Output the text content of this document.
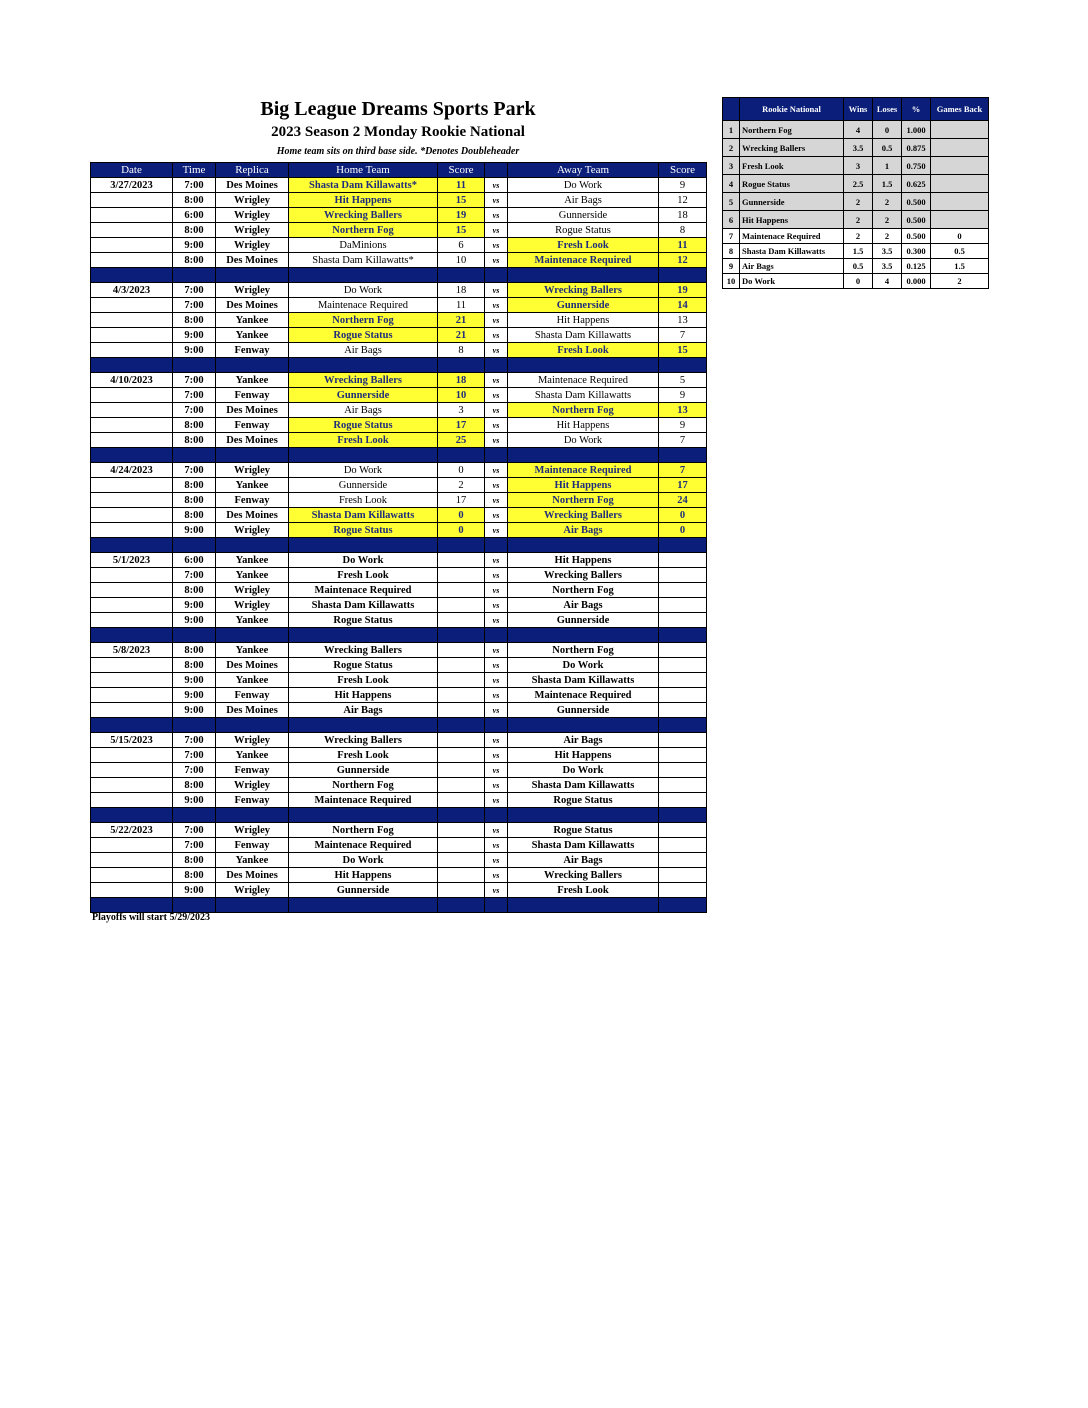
Big League Dreams Sports Park
2023 Season 2 Monday Rookie National
Home team sits on third base side. *Denotes Doubleheader
Date	Time	Replica	Home Team	Score		Away Team	Score
3/27/2023	7:00	Des Moines	Shasta Dam Killawatts*	11	vs	Do Work	9
	8:00	Wrigley	Hit Happens	15	vs	Air Bags	12
	6:00	Wrigley	Wrecking Ballers	19	vs	Gunnerside	18
	8:00	Wrigley	Northern Fog	15	vs	Rogue Status	8
	9:00	Wrigley	DaMinions	6	vs	Fresh Look	11
	8:00	Des Moines	Shasta Dam Killawatts*	10	vs	Maintenace Required	12

4/3/2023	7:00	Wrigley	Do Work	18	vs	Wrecking Ballers	19
	7:00	Des Moines	Maintenace Required	11	vs	Gunnerside	14
	8:00	Yankee	Northern Fog	21	vs	Hit Happens	13
	9:00	Yankee	Rogue Status	21	vs	Shasta Dam Killawatts	7
	9:00	Fenway	Air Bags	8	vs	Fresh Look	15

4/10/2023	7:00	Yankee	Wrecking Ballers	18	vs	Maintenace Required	5
	7:00	Fenway	Gunnerside	10	vs	Shasta Dam Killawatts	9
	7:00	Des Moines	Air Bags	3	vs	Northern Fog	13
	8:00	Fenway	Rogue Status	17	vs	Hit Happens	9
	8:00	Des Moines	Fresh Look	25	vs	Do Work	7

4/24/2023	7:00	Wrigley	Do Work	0	vs	Maintenace Required	7
	8:00	Yankee	Gunnerside	2	vs	Hit Happens	17
	8:00	Fenway	Fresh Look	17	vs	Northern Fog	24
	8:00	Des Moines	Shasta Dam Killawatts	0	vs	Wrecking Ballers	0
	9:00	Wrigley	Rogue Status	0	vs	Air Bags	0

5/1/2023	6:00	Yankee	Do Work		vs	Hit Happens	
	7:00	Yankee	Fresh Look		vs	Wrecking Ballers	
	8:00	Wrigley	Maintenace Required		vs	Northern Fog	
	9:00	Wrigley	Shasta Dam Killawatts		vs	Air Bags	
	9:00	Yankee	Rogue Status		vs	Gunnerside	

5/8/2023	8:00	Yankee	Wrecking Ballers		vs	Northern Fog	
	8:00	Des Moines	Rogue Status		vs	Do Work	
	9:00	Yankee	Fresh Look		vs	Shasta Dam Killawatts	
	9:00	Fenway	Hit Happens		vs	Maintenace Required	
	9:00	Des Moines	Air Bags		vs	Gunnerside	

5/15/2023	7:00	Wrigley	Wrecking Ballers		vs	Air Bags	
	7:00	Yankee	Fresh Look		vs	Hit Happens	
	7:00	Fenway	Gunnerside		vs	Do Work	
	8:00	Wrigley	Northern Fog		vs	Shasta Dam Killawatts	
	9:00	Fenway	Maintenace Required		vs	Rogue Status	

5/22/2023	7:00	Wrigley	Northern Fog		vs	Rogue Status	
	7:00	Fenway	Maintenace Required		vs	Shasta Dam Killawatts	
	8:00	Yankee	Do Work		vs	Air Bags	
	8:00	Des Moines	Hit Happens		vs	Wrecking Ballers	
	9:00	Wrigley	Gunnerside		vs	Fresh Look	

Playoffs will start 5/29/2023
	Rookie National	Wins	Loses	%	Games Back
1	Northern Fog	4	0	1.000	
2	Wrecking Ballers	3.5	0.5	0.875	
3	Fresh Look	3	1	0.750	
4	Rogue Status	2.5	1.5	0.625	
5	Gunnerside	2	2	0.500	
6	Hit Happens	2	2	0.500	
7	Maintenace Required	2	2	0.500	0
8	Shasta Dam Killawatts	1.5	3.5	0.300	0.5
9	Air Bags	0.5	3.5	0.125	1.5
10	Do Work	0	4	0.000	2
